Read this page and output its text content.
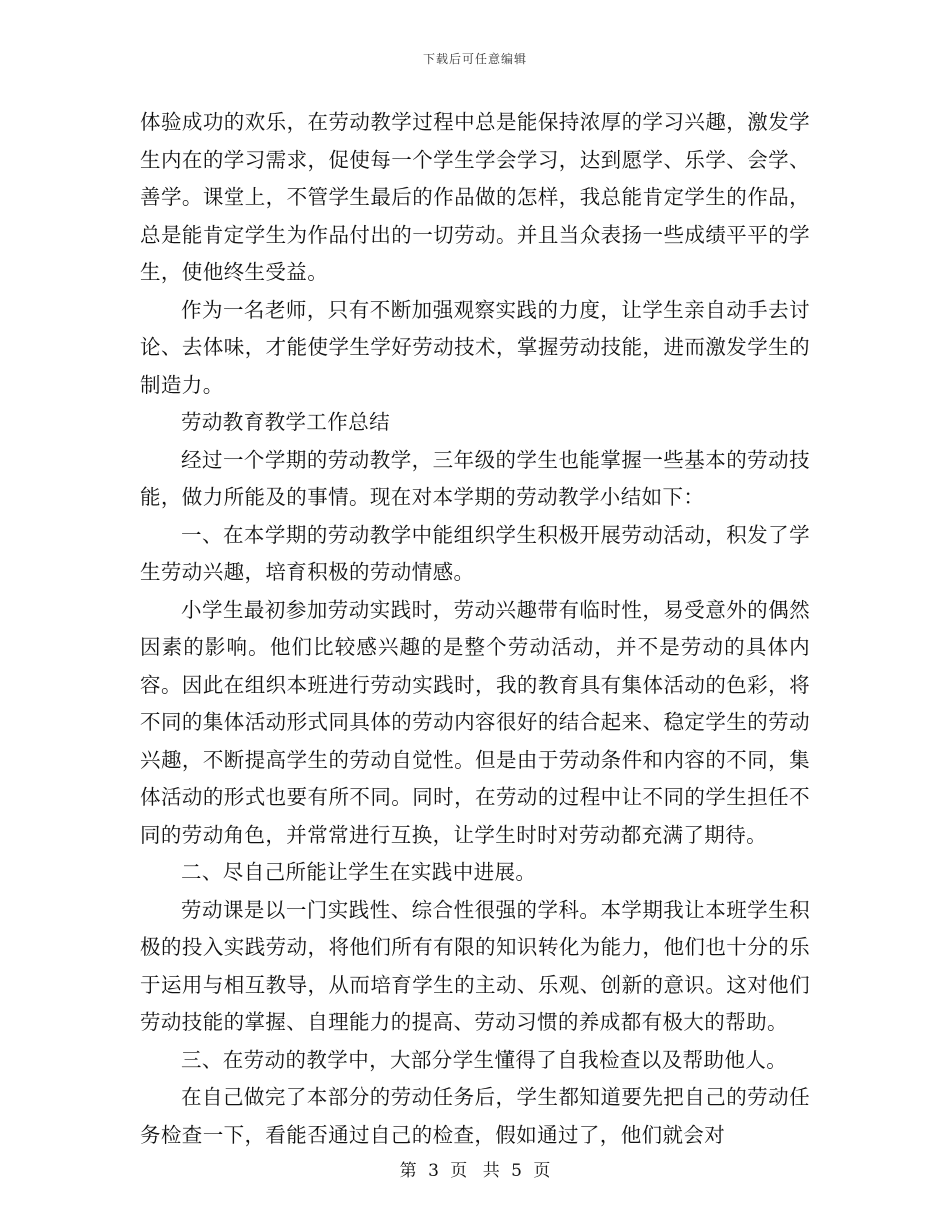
下载后可任意编辑

体验成功的欢乐，在劳动教学过程中总是能保持浓厚的学习兴趣，激发学生内在的学习需求，促使每一个学生学会学习，达到愿学、乐学、会学、善学。课堂上，不管学生最后的作品做的怎样，我总能肯定学生的作品，总是能肯定学生为作品付出的一切劳动。并且当众表扬一些成绩平平的学生，使他终生受益。

作为一名老师，只有不断加强观察实践的力度，让学生亲自动手去讨论、去体味，才能使学生学好劳动技术，掌握劳动技能，进而激发学生的制造力。

劳动教育教学工作总结

经过一个学期的劳动教学，三年级的学生也能掌握一些基本的劳动技能，做力所能及的事情。现在对本学期的劳动教学小结如下：

一、在本学期的劳动教学中能组织学生积极开展劳动活动，积发了学生劳动兴趣，培育积极的劳动情感。

小学生最初参加劳动实践时，劳动兴趣带有临时性，易受意外的偶然因素的影响。他们比较感兴趣的是整个劳动活动，并不是劳动的具体内容。因此在组织本班进行劳动实践时，我的教育具有集体活动的色彩，将不同的集体活动形式同具体的劳动内容很好的结合起来、稳定学生的劳动兴趣，不断提高学生的劳动自觉性。但是由于劳动条件和内容的不同，集体活动的形式也要有所不同。同时，在劳动的过程中让不同的学生担任不同的劳动角色，并常常进行互换，让学生时时对劳动都充满了期待。

二、尽自己所能让学生在实践中进展。

劳动课是以一门实践性、综合性很强的学科。本学期我让本班学生积极的投入实践劳动，将他们所有有限的知识转化为能力，他们也十分的乐于运用与相互教导，从而培育学生的主动、乐观、创新的意识。这对他们劳动技能的掌握、自理能力的提高、劳动习惯的养成都有极大的帮助。

三、在劳动的教学中，大部分学生懂得了自我检查以及帮助他人。

在自己做完了本部分的劳动任务后，学生都知道要先把自己的劳动任务检查一下，看能否通过自己的检查，假如通过了，他们就会对

第 3 页 共 5 页
